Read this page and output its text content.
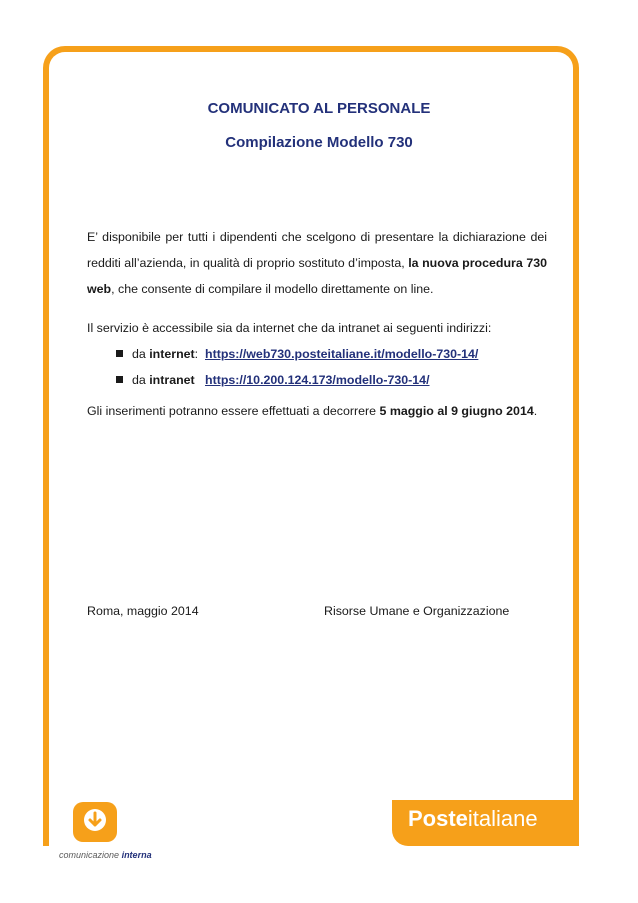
COMUNICATO AL PERSONALE
Compilazione Modello 730
E’ disponibile per tutti i dipendenti che scelgono di presentare la dichiarazione dei redditi all’azienda, in qualità di proprio sostituto d’imposta, la nuova procedura 730 web, che consente di compilare il modello direttamente on line.
Il servizio è accessibile sia da internet che da intranet ai seguenti indirizzi:
da internet:  https://web730.posteitaliane.it/modello-730-14/
da intranet https://10.200.124.173/modello-730-14/
Gli inserimenti potranno essere effettuati a decorrere 5 maggio al 9 giugno 2014.
Roma, maggio 2014	Risorse Umane e Organizzazione
comunicazione interna
Posteitaliane
